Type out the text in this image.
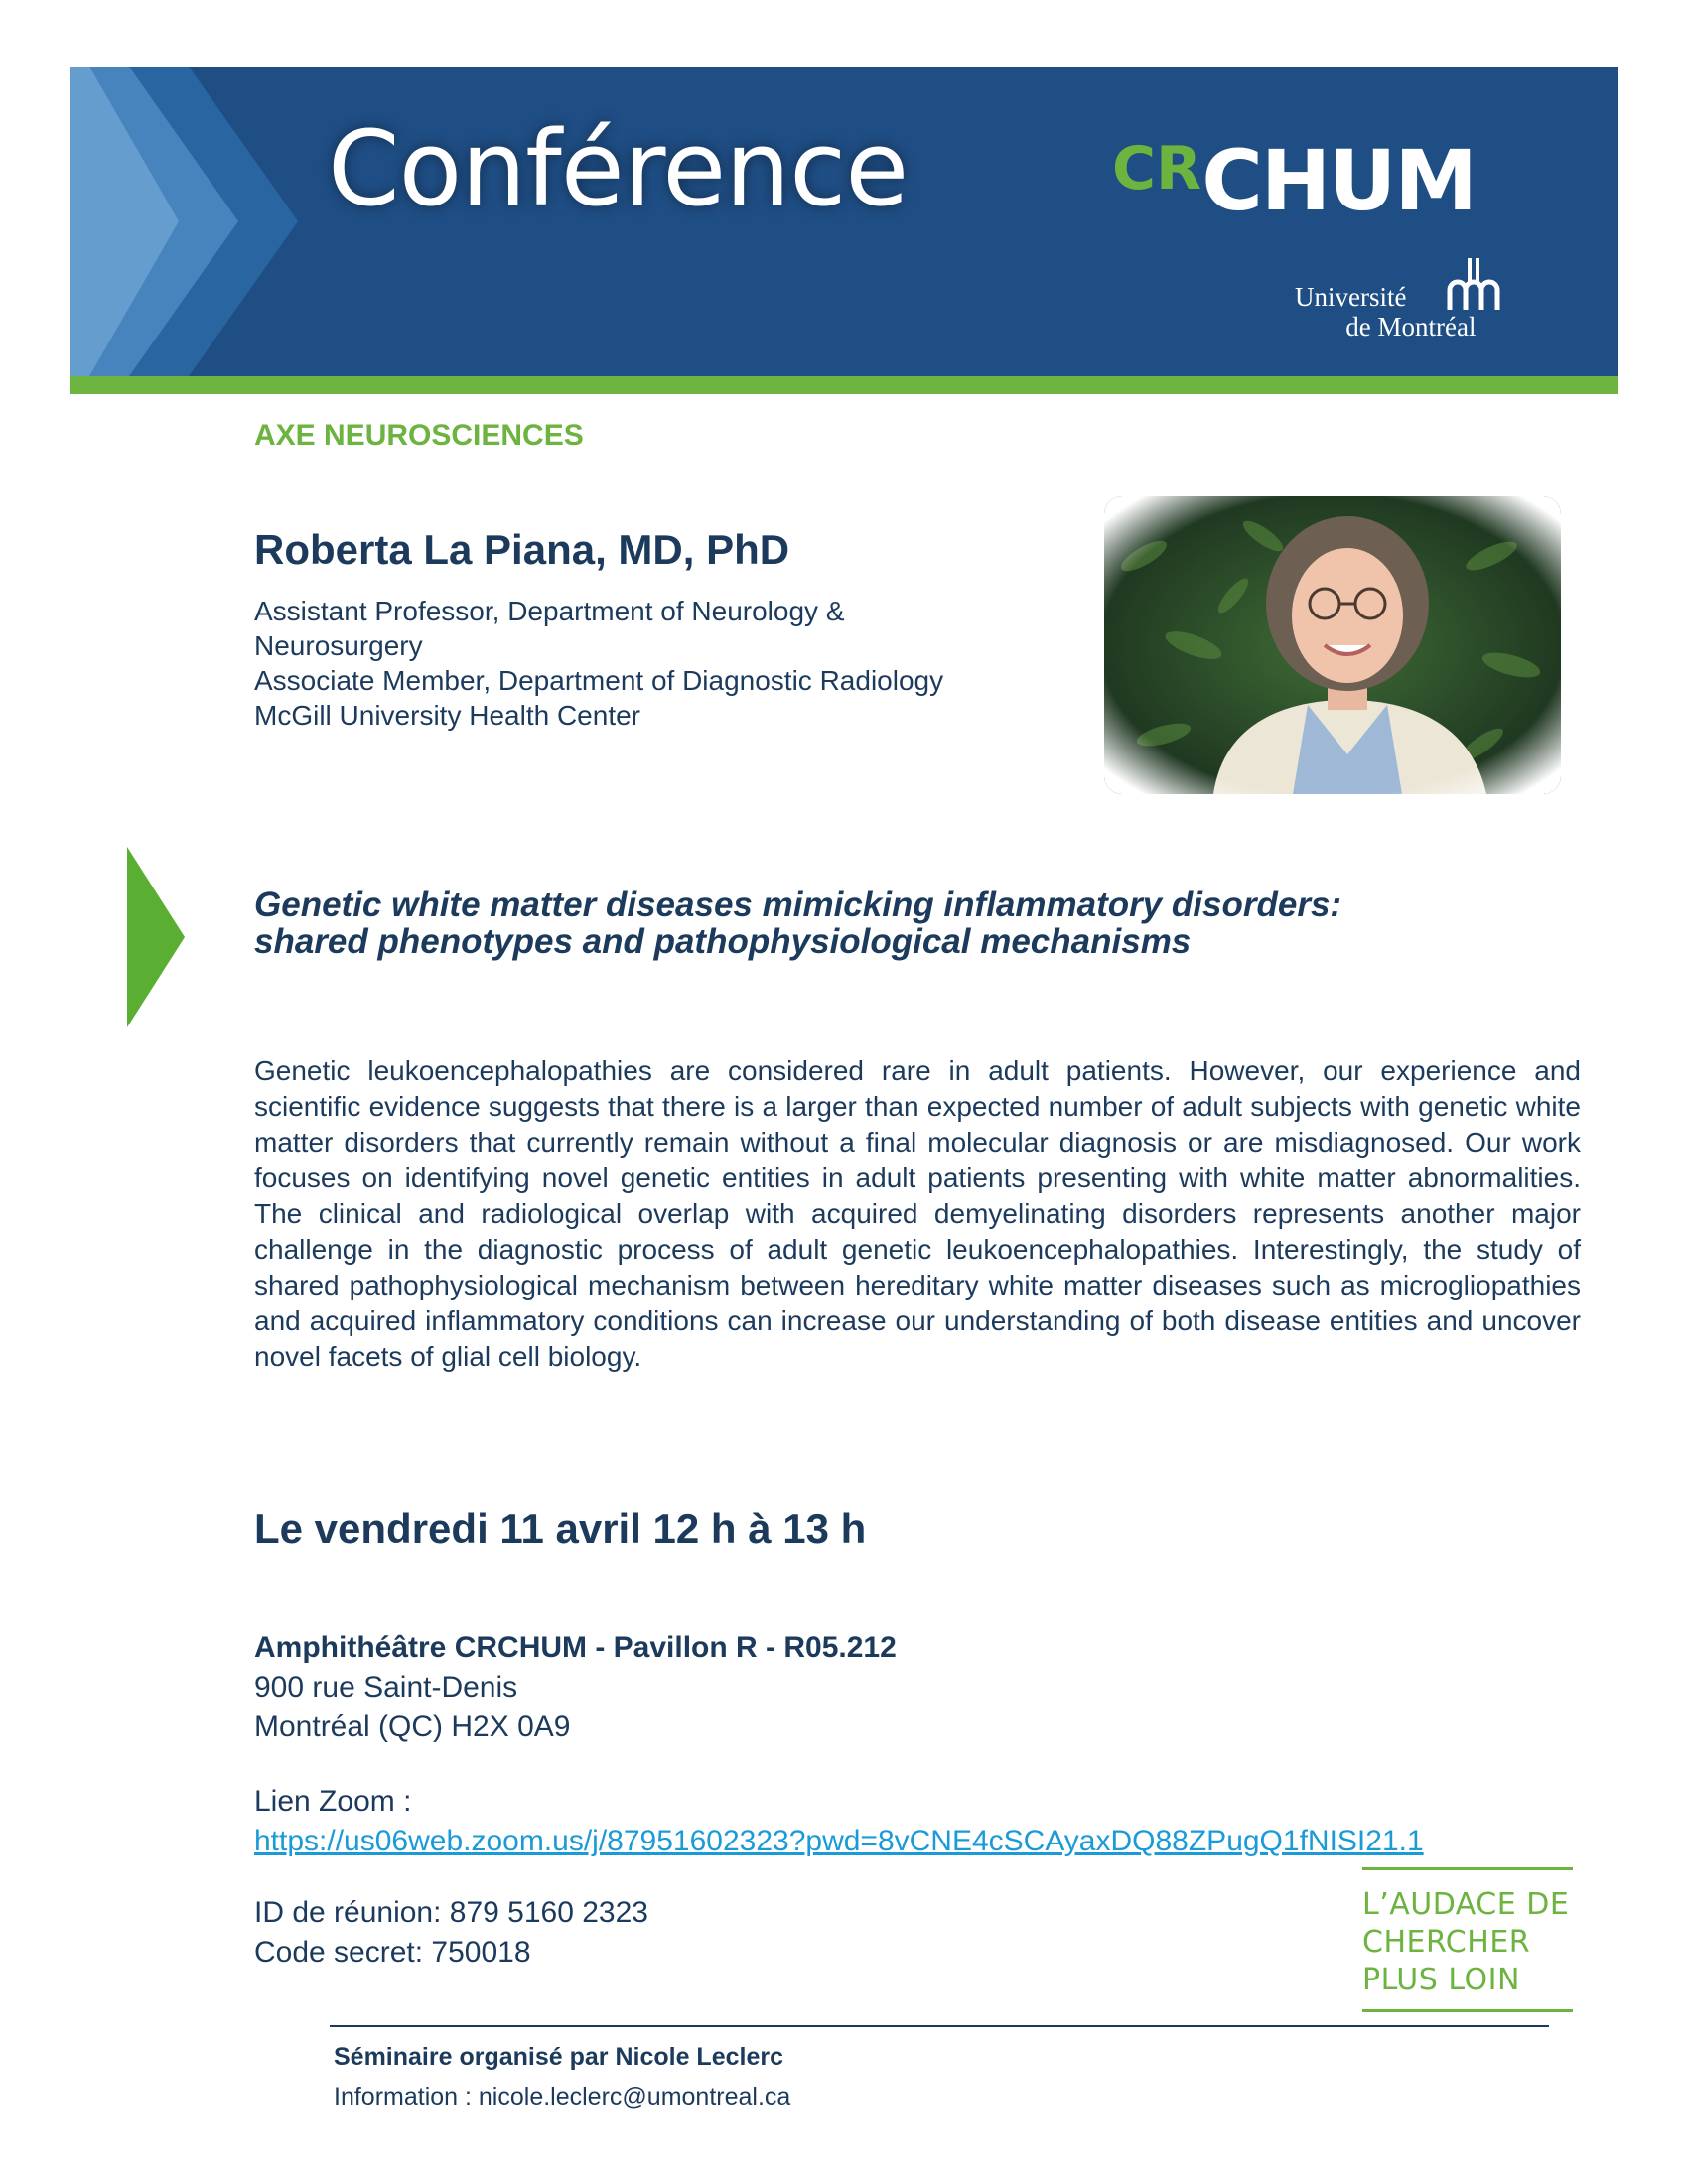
Conférence	CRCHUM
Université
de Montréal
AXE NEUROSCIENCES
Roberta La Piana, MD, PhD
Assistant Professor, Department of Neurology &
Neurosurgery
Associate Member, Department of Diagnostic Radiology
McGill University Health Center
Genetic white matter diseases mimicking inflammatory disorders:
shared phenotypes and pathophysiological mechanisms
Genetic leukoencephalopathies are considered rare in adult patients. However, our experience and scientific evidence suggests that there is a larger than expected number of adult subjects with genetic white matter disorders that currently remain without a final molecular diagnosis or are misdiagnosed. Our work focuses on identifying novel genetic entities in adult patients presenting with white matter abnormalities. The clinical and radiological overlap with acquired demyelinating disorders represents another major challenge in the diagnostic process of adult genetic leukoencephalopathies. Interestingly, the study of shared pathophysiological mechanism between hereditary white matter diseases such as microgliopathies and acquired inflammatory conditions can increase our understanding of both disease entities and uncover novel facets of glial cell biology.
Le vendredi 11 avril 12 h à 13 h
Amphithéâtre CRCHUM - Pavillon R - R05.212
900 rue Saint-Denis
Montréal (QC) H2X 0A9
Lien Zoom :
https://us06web.zoom.us/j/87951602323?pwd=8vCNE4cSCAyaxDQ88ZPugQ1fNISI21.1
ID de réunion: 879 5160 2323
Code secret: 750018
L’AUDACE DE
CHERCHER
PLUS LOIN
Séminaire organisé par Nicole Leclerc
Information : nicole.leclerc@umontreal.ca
